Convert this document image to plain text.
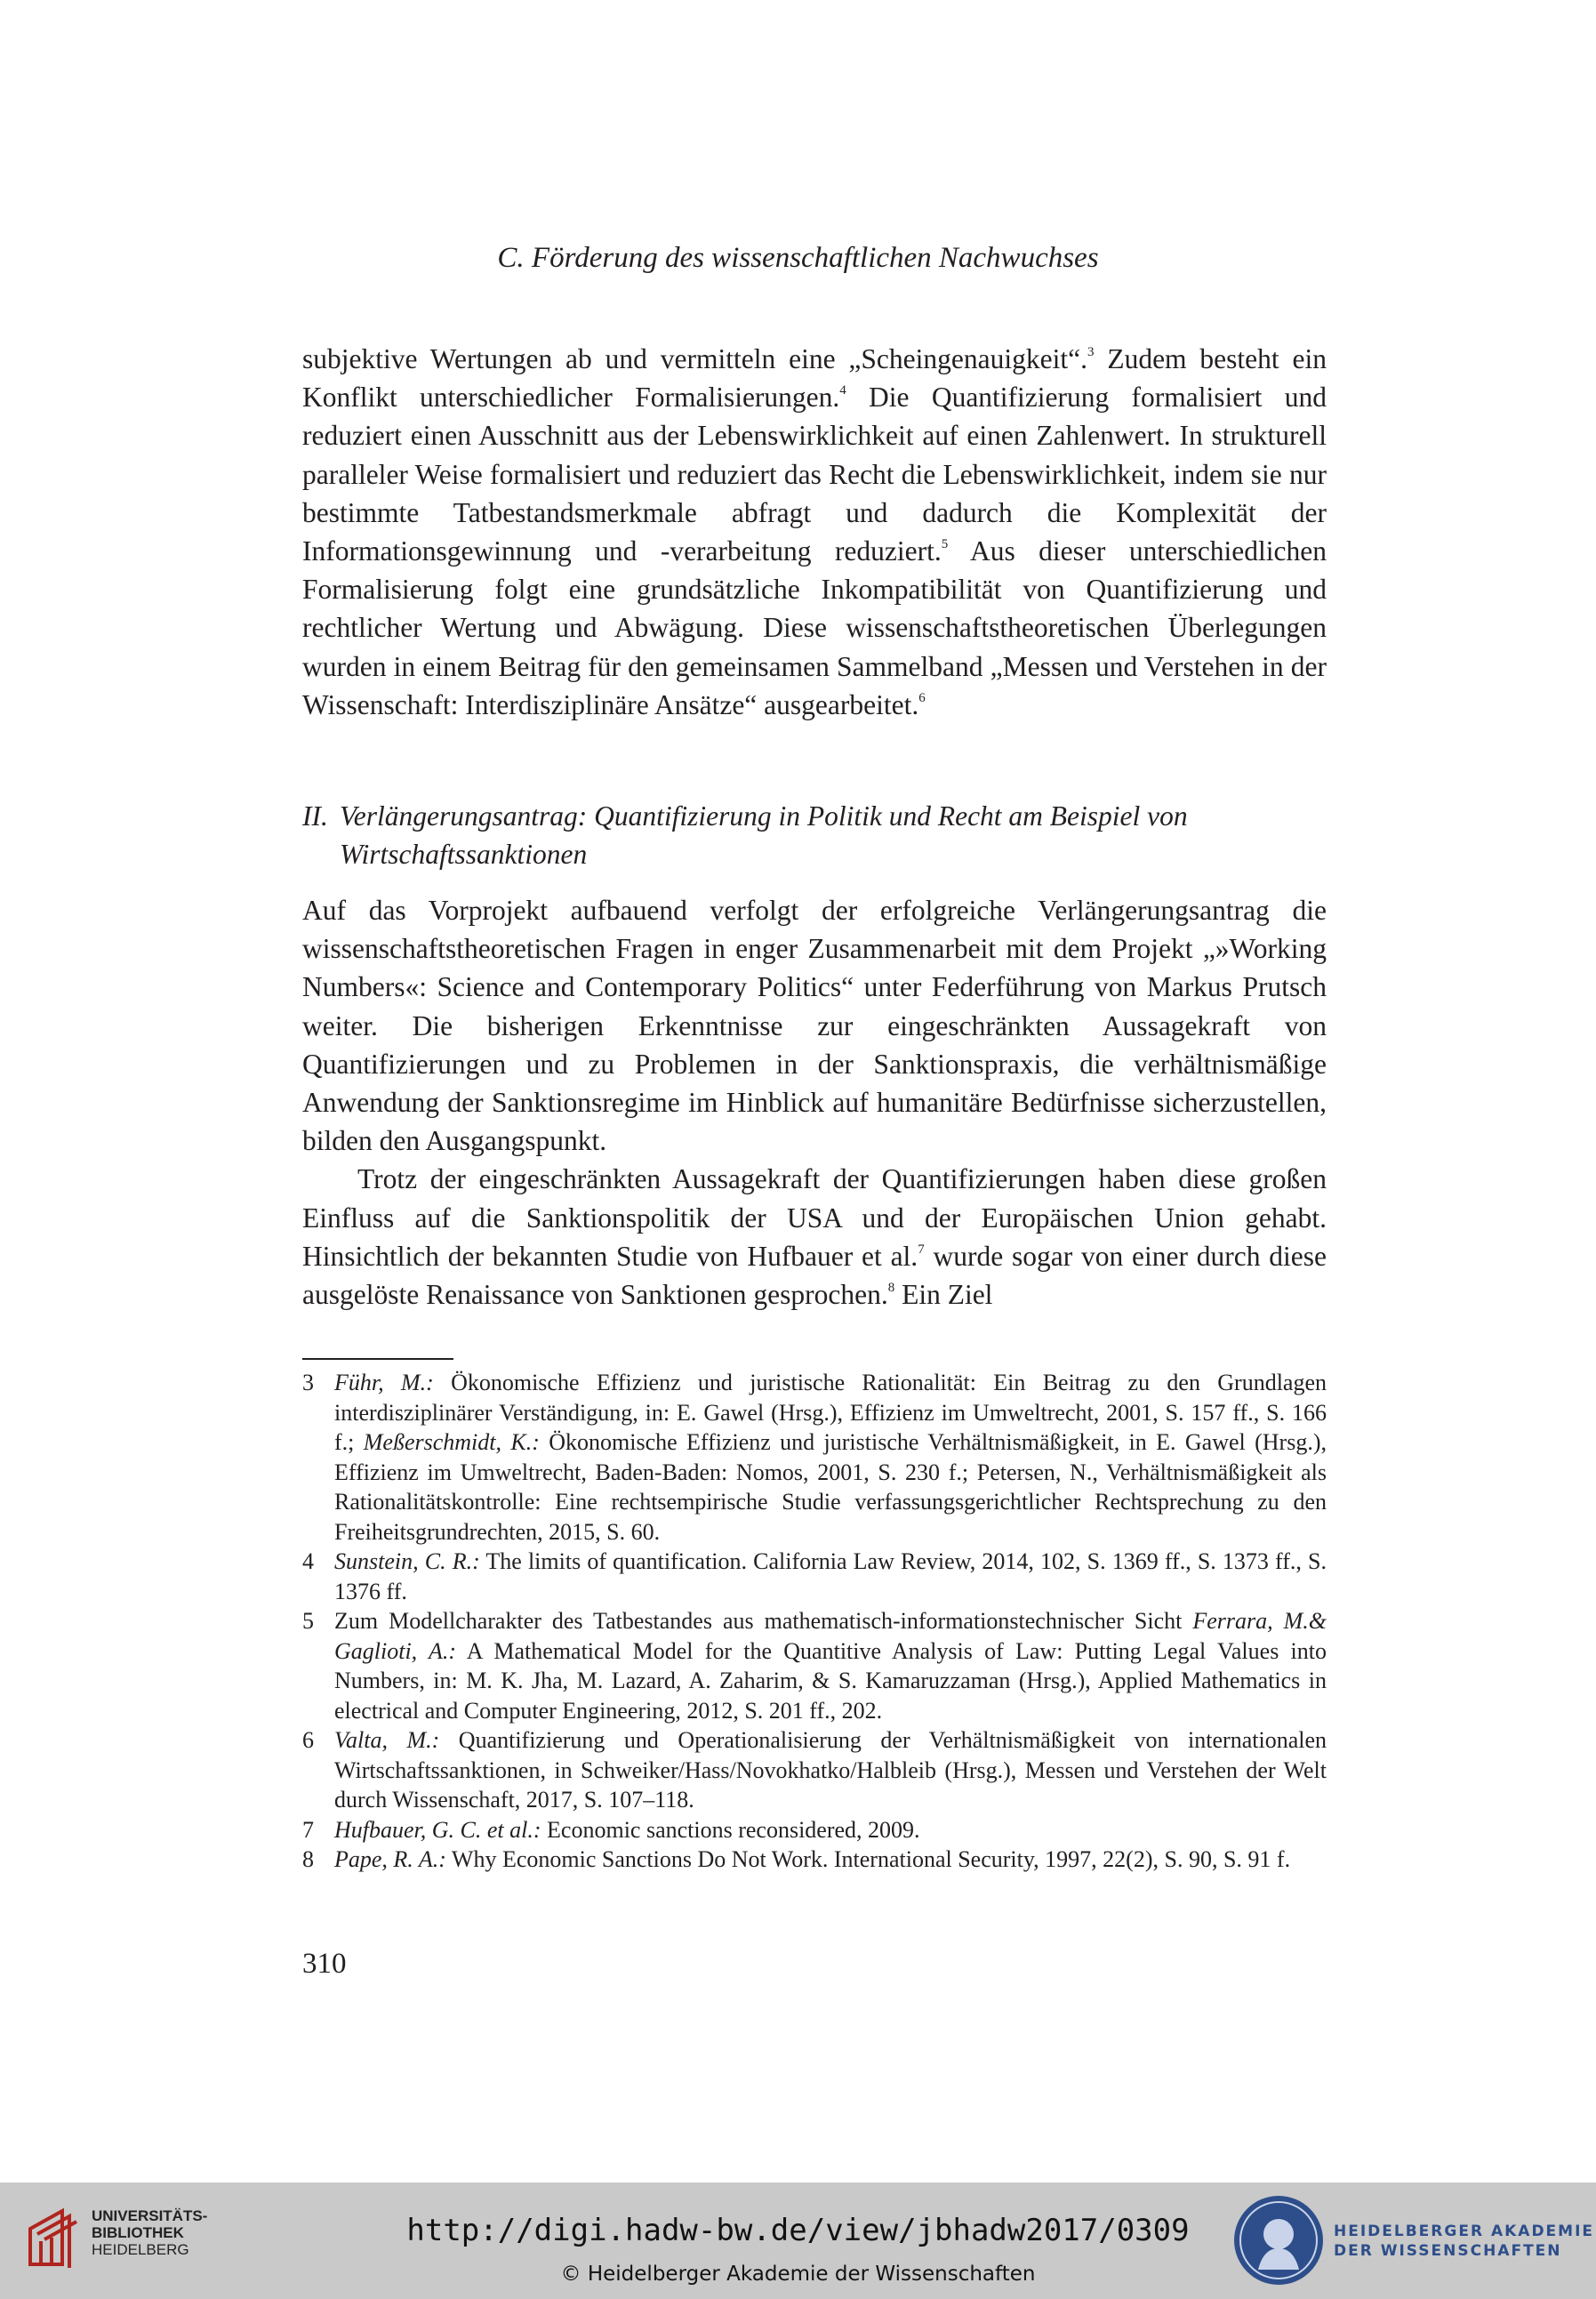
C. Förderung des wissenschaftlichen Nachwuchses

subjektive Wertungen ab und vermitteln eine „Scheingenauigkeit“.$^3$ Zudem besteht ein Konflikt unterschiedlicher Formalisierungen.$^4$ Die Quantifizierung formalisiert und reduziert einen Ausschnitt aus der Lebenswirklichkeit auf einen Zahlenwert. In strukturell paralleler Weise formalisiert und reduziert das Recht die Lebenswirklichkeit, indem sie nur bestimmte Tatbestandsmerkmale abfragt und dadurch die Komplexität der Informationsgewinnung und -verarbeitung reduziert.$^5$ Aus dieser unterschiedlichen Formalisierung folgt eine grundsätzliche Inkompatibilität von Quantifizierung und rechtlicher Wertung und Abwägung. Diese wissenschaftstheoretischen Überlegungen wurden in einem Beitrag für den gemeinsamen Sammelband „Messen und Verstehen in der Wissenschaft: Interdisziplinäre Ansätze“ ausgearbeitet.$^6$

II. Verlängerungsantrag: Quantifizierung in Politik und Recht am Beispiel von Wirtschaftssanktionen

Auf das Vorprojekt aufbauend verfolgt der erfolgreiche Verlängerungsantrag die wissenschaftstheoretischen Fragen in enger Zusammenarbeit mit dem Projekt „»Working Numbers«: Science and Contemporary Politics“ unter Federführung von Markus Prutsch weiter. Die bisherigen Erkenntnisse zur eingeschränkten Aussagekraft von Quantifizierungen und zu Problemen in der Sanktionspraxis, die verhältnismäßige Anwendung der Sanktionsregime im Hinblick auf humanitäre Bedürfnisse sicherzustellen, bilden den Ausgangspunkt.

Trotz der eingeschränkten Aussagekraft der Quantifizierungen haben diese großen Einfluss auf die Sanktionspolitik der USA und der Europäischen Union gehabt. Hinsichtlich der bekannten Studie von Hufbauer et al.$^7$ wurde sogar von einer durch diese ausgelöste Renaissance von Sanktionen gesprochen.$^8$ Ein Ziel

3 Führ, M.: Ökonomische Effizienz und juristische Rationalität: Ein Beitrag zu den Grundlagen interdisziplinärer Verständigung, in: E. Gawel (Hrsg.), Effizienz im Umweltrecht, 2001, S. 157 ff., S. 166 f.; Meßerschmidt, K.: Ökonomische Effizienz und juristische Verhältnismäßigkeit, in E. Gawel (Hrsg.), Effizienz im Umweltrecht, Baden-Baden: Nomos, 2001, S. 230 f.; Petersen, N., Verhältnismäßigkeit als Rationalitätskontrolle: Eine rechtsempirische Studie verfassungsgerichtlicher Rechtsprechung zu den Freiheitsgrundrechten, 2015, S. 60.

4 Sunstein, C. R.: The limits of quantification. California Law Review, 2014, 102, S. 1369 ff., S. 1373 ff., S. 1376 ff.

5 Zum Modellcharakter des Tatbestandes aus mathematisch-informationstechnischer Sicht Ferrara, M.& Gaglioti, A.: A Mathematical Model for the Quantitive Analysis of Law: Putting Legal Values into Numbers, in: M. K. Jha, M. Lazard, A. Zaharim, & S. Kamaruzzaman (Hrsg.), Applied Mathematics in electrical and Computer Engineering, 2012, S. 201 ff., 202.

6 Valta, M.: Quantifizierung und Operationalisierung der Verhältnismäßigkeit von internationalen Wirtschaftssanktionen, in Schweiker/Hass/Novokhatko/Halbleib (Hrsg.), Messen und Verstehen der Welt durch Wissenschaft, 2017, S. 107–118.

7 Hufbauer, G. C. et al.: Economic sanctions reconsidered, 2009.

8 Pape, R. A.: Why Economic Sanctions Do Not Work. International Security, 1997, 22(2), S. 90, S. 91 f.

310
UNIVERSITÄTS-
BIBLIOTHEK
HEIDELBERG
http://digi.hadw-bw.de/view/jbhadw2017/0309
© Heidelberger Akademie der Wissenschaften
HEIDELBERGER AKADEMIE
DER WISSENSCHAFTEN
